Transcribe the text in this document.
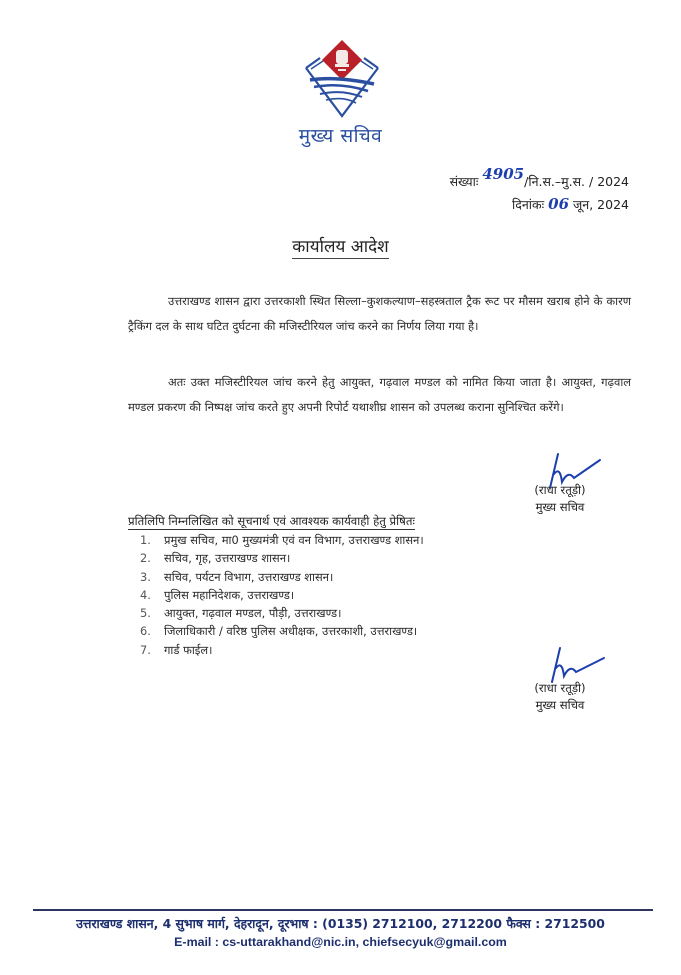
मुख्य सचिव
संख्याः 4905/नि.स.–मु.स. / 2024
दिनांकः 06 जून, 2024
कार्यालय आदेश

उत्तराखण्ड शासन द्वारा उत्तरकाशी स्थित सिल्ला–कुशकल्याण–सहस्त्रताल ट्रैक रूट पर मौसम खराब होने के कारण ट्रैकिंग दल के साथ घटित दुर्घटना की मजिस्टीरियल जांच करने का निर्णय लिया गया है।

अतः उक्त मजिस्टीरियल जांच करने हेतु आयुक्त, गढ़वाल मण्डल को नामित किया जाता है। आयुक्त, गढ़वाल मण्डल प्रकरण की निष्पक्ष जांच करते हुए अपनी रिपोर्ट यथाशीघ्र शासन को उपलब्ध कराना सुनिश्चित करेंगे।

(राधा रतूड़ी)
मुख्य सचिव
प्रतिलिपि निम्नलिखित को सूचनार्थ एवं आवश्यक कार्यवाही हेतु प्रेषितः
1.	प्रमुख सचिव, मा0 मुख्यमंत्री एवं वन विभाग, उत्तराखण्ड शासन।
2.	सचिव, गृह, उत्तराखण्ड शासन।
3.	सचिव, पर्यटन विभाग, उत्तराखण्ड शासन।
4.	पुलिस महानिदेशक, उत्तराखण्ड।
5.	आयुक्त, गढ़वाल मण्डल, पौड़ी, उत्तराखण्ड।
6.	जिलाधिकारी / वरिष्ठ पुलिस अधीक्षक, उत्तरकाशी, उत्तराखण्ड।
7.	गार्ड फाईल।
(राधा रतूड़ी)
मुख्य सचिव
उत्तराखण्ड शासन, 4 सुभाष मार्ग, देहरादून, दूरभाष : (0135) 2712100, 2712200 फैक्स : 2712500
E-mail : cs-uttarakhand@nic.in, chiefsecyuk@gmail.com
